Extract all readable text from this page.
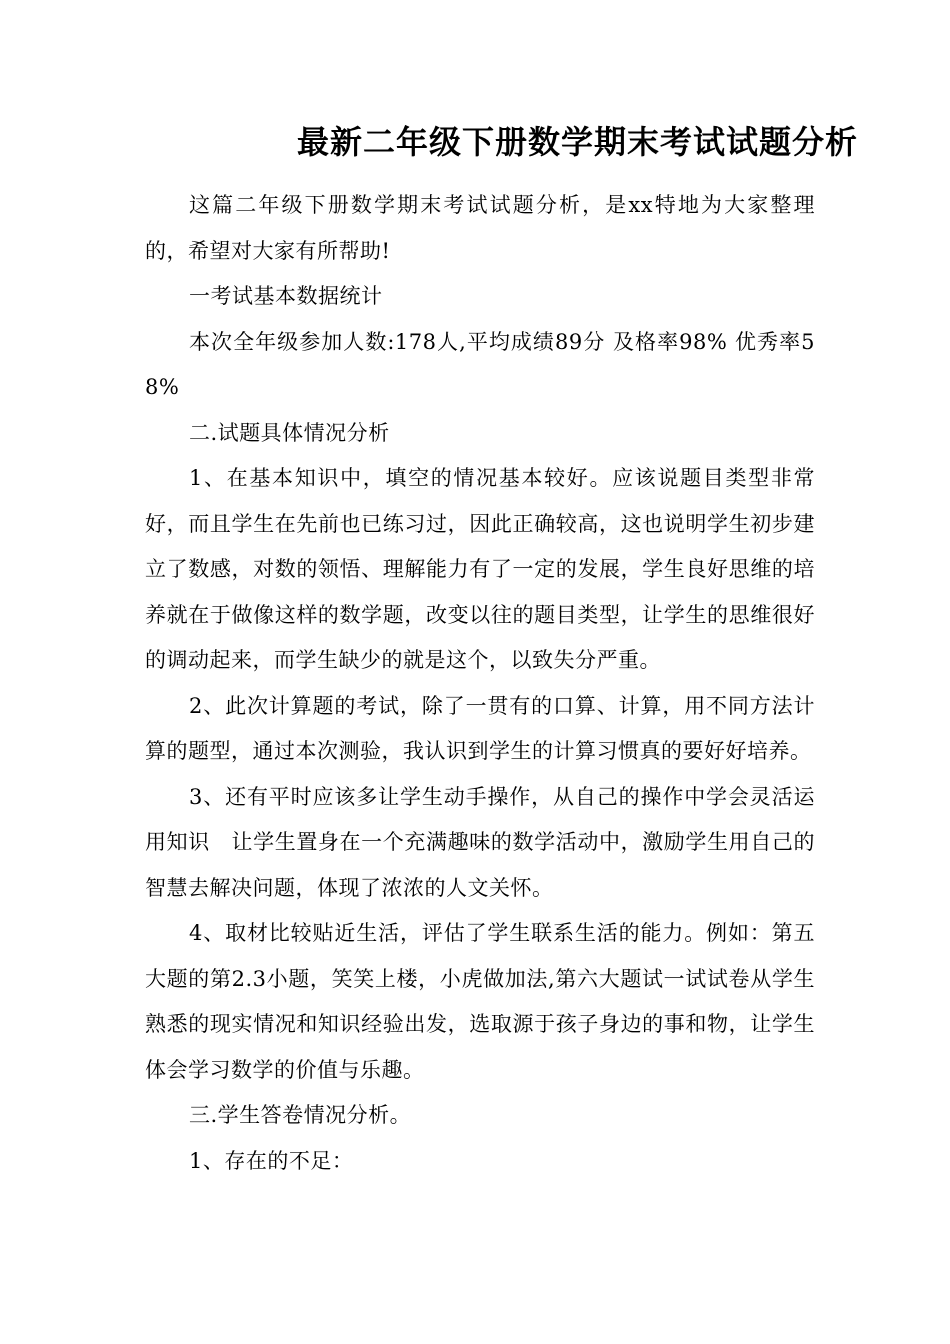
最新二年级下册数学期末考试试题分析

这篇二年级下册数学期末考试试题分析，是xx特地为大家整理的，希望对大家有所帮助!

一考试基本数据统计

本次全年级参加人数:178人,平均成绩89分 及格率98% 优秀率58%

二.试题具体情况分析

1、在基本知识中，填空的情况基本较好。应该说题目类型非常好，而且学生在先前也已练习过，因此正确较高，这也说明学生初步建立了数感，对数的领悟、理解能力有了一定的发展，学生良好思维的培养就在于做像这样的数学题，改变以往的题目类型，让学生的思维很好的调动起来，而学生缺少的就是这个，以致失分严重。

2、此次计算题的考试，除了一贯有的口算、计算，用不同方法计算的题型，通过本次测验，我认识到学生的计算习惯真的要好好培养。

3、还有平时应该多让学生动手操作，从自己的操作中学会灵活运用知识　让学生置身在一个充满趣味的数学活动中，激励学生用自己的智慧去解决问题，体现了浓浓的人文关怀。

4、取材比较贴近生活，评估了学生联系生活的能力。例如：第五大题的第2.3小题，笑笑上楼，小虎做加法,第六大题试一试试卷从学生熟悉的现实情况和知识经验出发，选取源于孩子身边的事和物，让学生体会学习数学的价值与乐趣。

三.学生答卷情况分析。

1、存在的不足：
